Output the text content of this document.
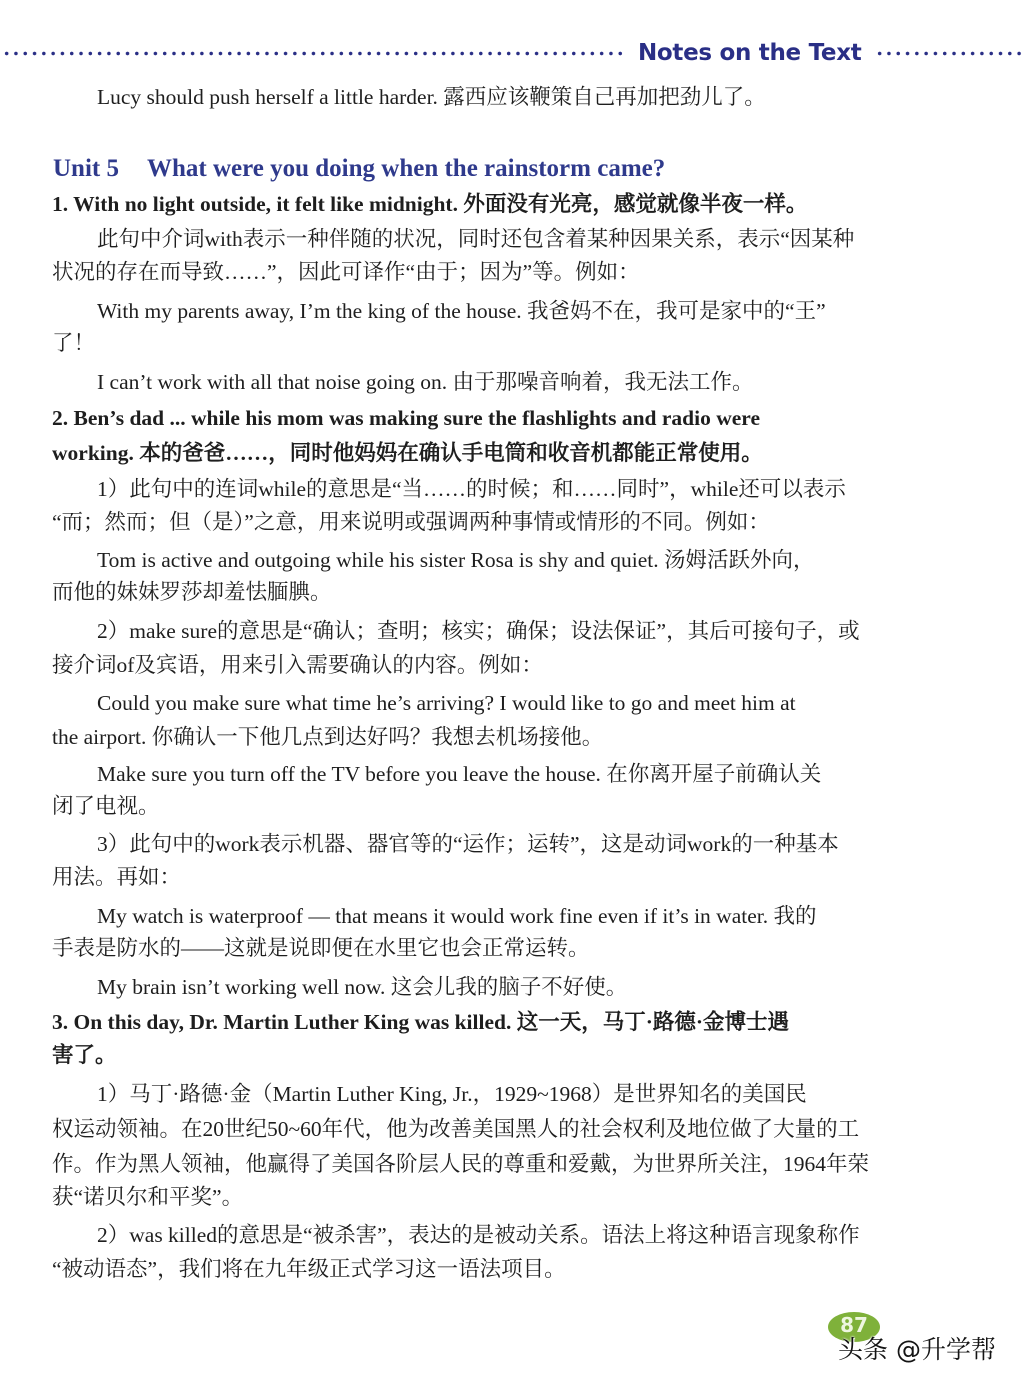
Notes on the Text
Lucy should push herself a little harder. 露西应该鞭策自己再加把劲儿了。
Unit 5 What were you doing when the rainstorm came?
1. With no light outside, it felt like midnight. 外面没有光亮，感觉就像半夜一样。
此句中介词with表示一种伴随的状况，同时还包含着某种因果关系，表示“因某种
状况的存在而导致……”，因此可译作“由于；因为”等。例如：
With my parents away, I’m the king of the house. 我爸妈不在，我可是家中的“王”
了！
I can’t work with all that noise going on. 由于那噪音响着，我无法工作。
2. Ben’s dad ... while his mom was making sure the flashlights and radio were
working. 本的爸爸……，同时他妈妈在确认手电筒和收音机都能正常使用。
1）此句中的连词while的意思是“当……的时候；和……同时”，while还可以表示
“而；然而；但（是）”之意，用来说明或强调两种事情或情形的不同。例如：
Tom is active and outgoing while his sister Rosa is shy and quiet. 汤姆活跃外向，
而他的妹妹罗莎却羞怯腼腆。
2）make sure的意思是“确认；查明；核实；确保；设法保证”，其后可接句子，或
接介词of及宾语，用来引入需要确认的内容。例如：
Could you make sure what time he’s arriving? I would like to go and meet him at
the airport. 你确认一下他几点到达好吗？我想去机场接他。
Make sure you turn off the TV before you leave the house. 在你离开屋子前确认关
闭了电视。
3）此句中的work表示机器、器官等的“运作；运转”，这是动词work的一种基本
用法。再如：
My watch is waterproof — that means it would work fine even if it’s in water. 我的
手表是防水的——这就是说即便在水里它也会正常运转。
My brain isn’t working well now. 这会儿我的脑子不好使。
3. On this day, Dr. Martin Luther King was killed. 这一天，马丁·路德·金博士遇
害了。
1）马丁·路德·金（Martin Luther King, Jr.，1929~1968）是世界知名的美国民
权运动领袖。在20世纪50~60年代，他为改善美国黑人的社会权利及地位做了大量的工
作。作为黑人领袖，他赢得了美国各阶层人民的尊重和爱戴，为世界所关注，1964年荣
获“诺贝尔和平奖”。
2）was killed的意思是“被杀害”，表达的是被动关系。语法上将这种语言现象称作
“被动语态”，我们将在九年级正式学习这一语法项目。
87
头条 @升学帮
